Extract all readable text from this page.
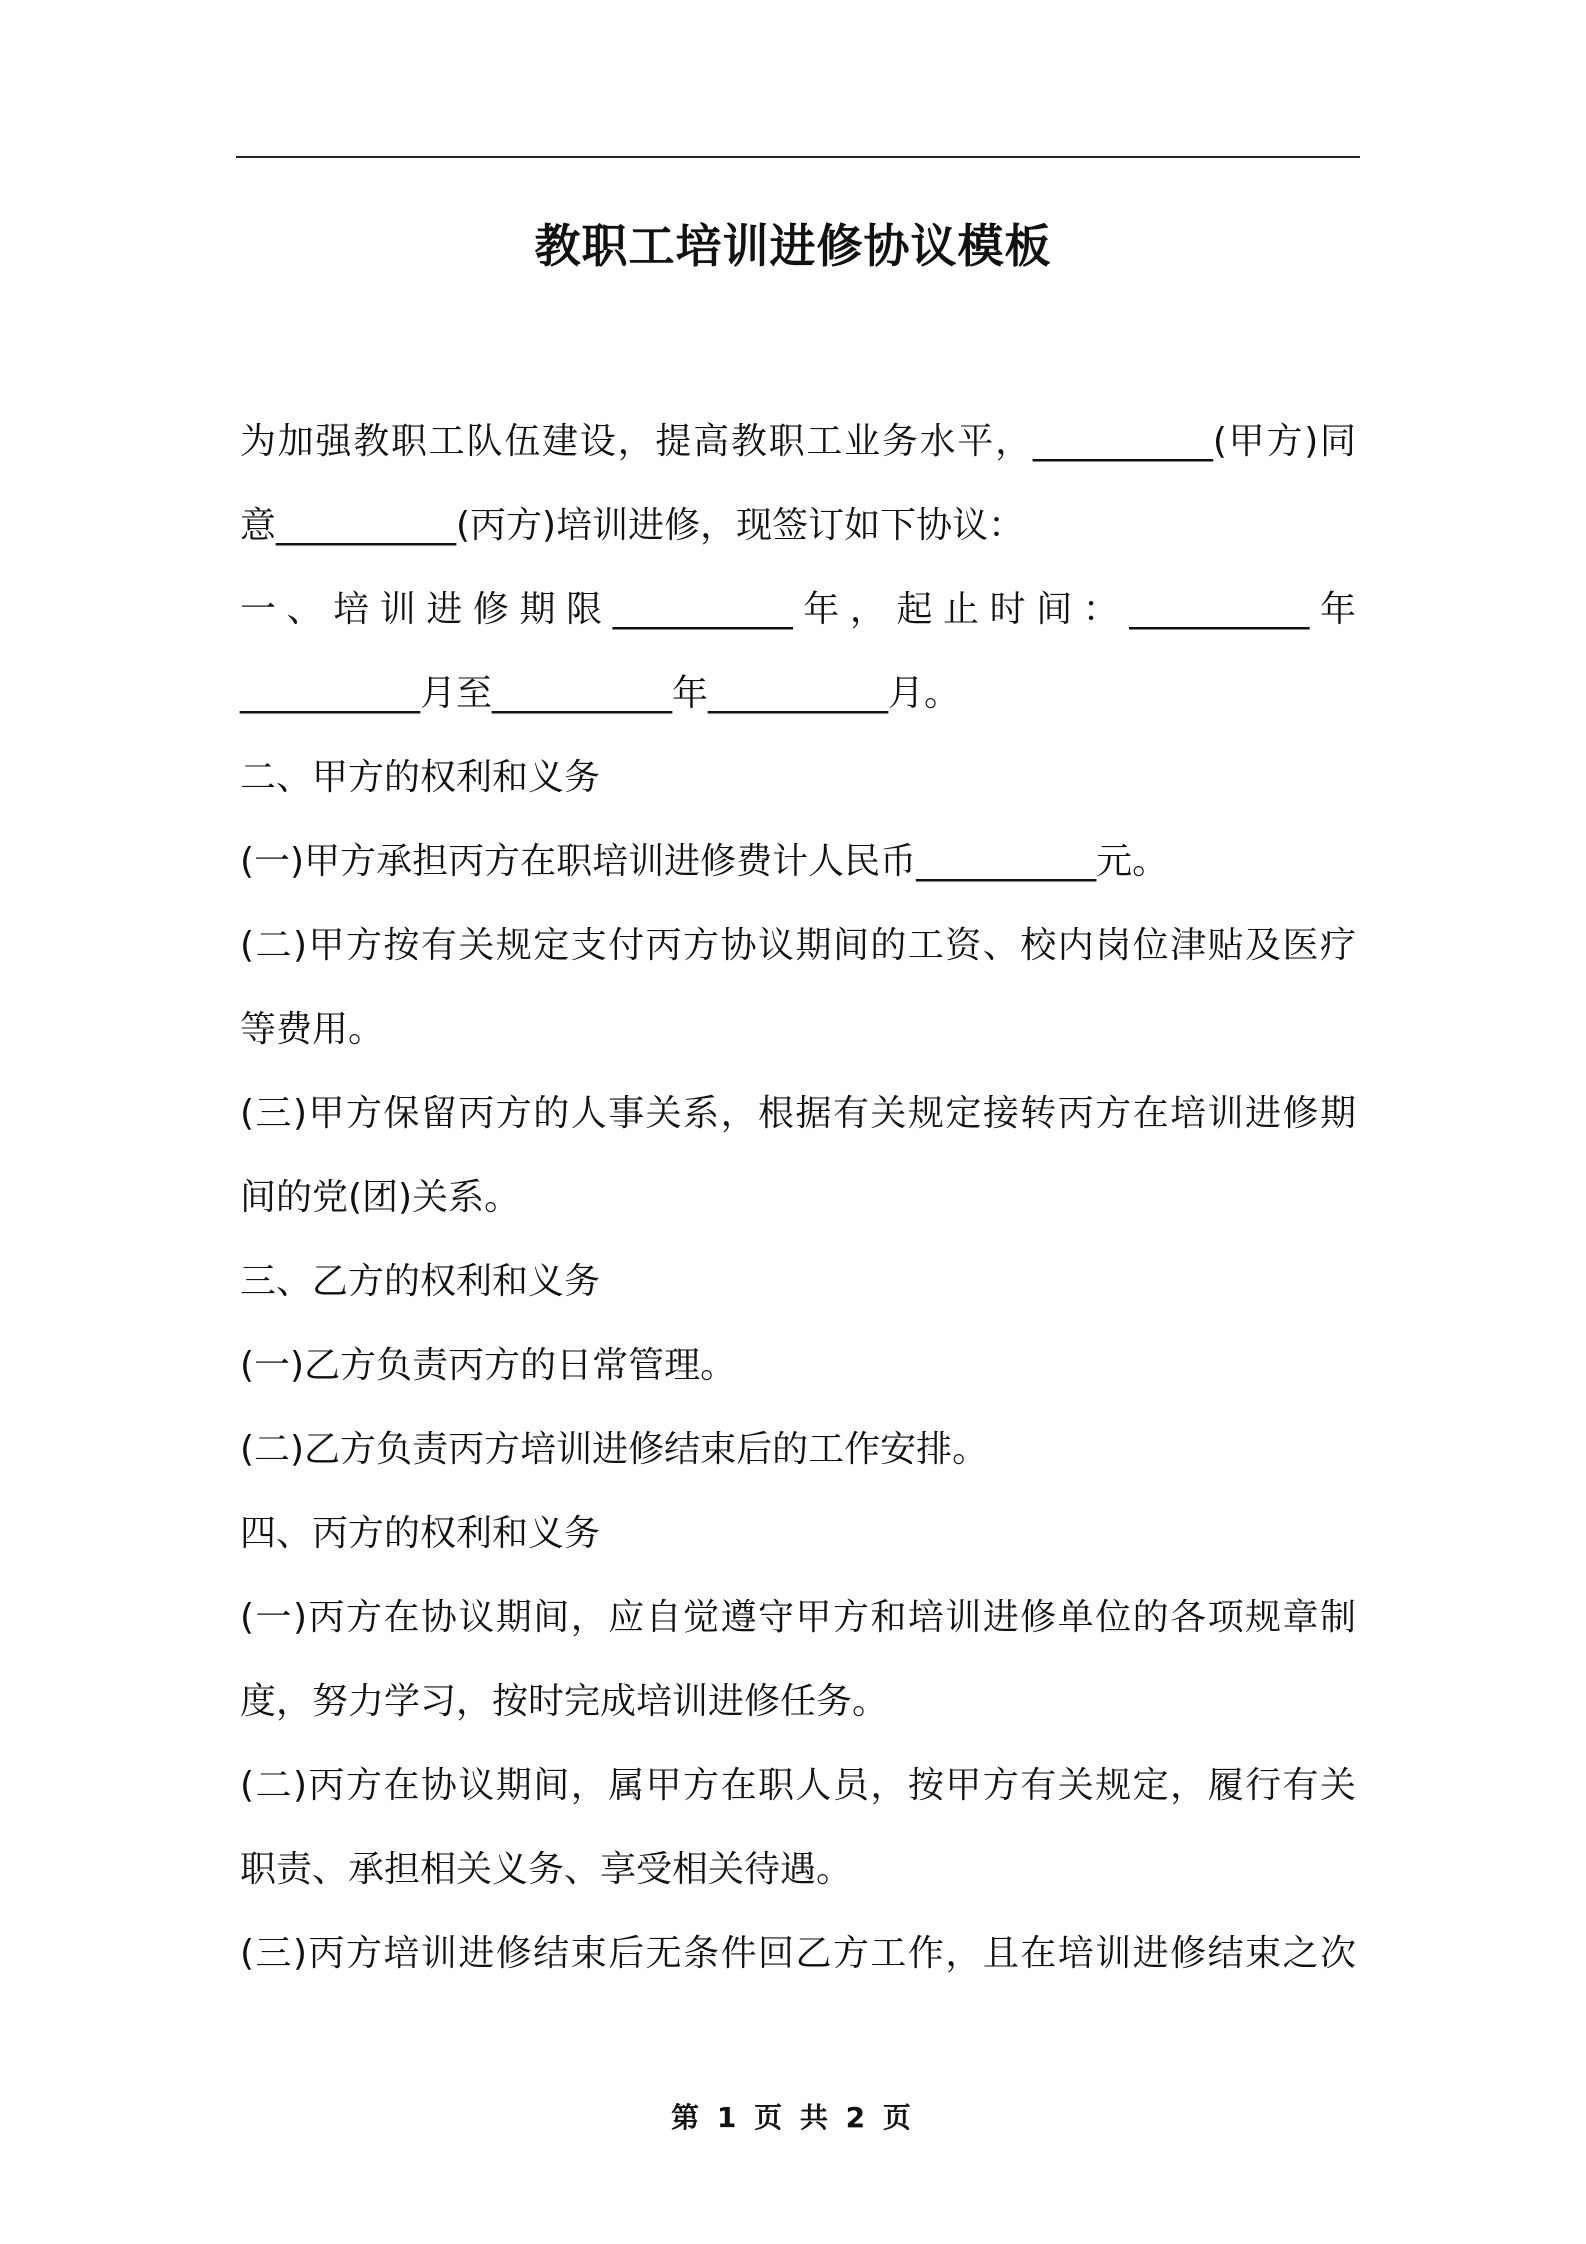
教职工培训进修协议模板
为加强教职工队伍建设，提高教职工业务水平，__________(甲方)同
意__________(丙方)培训进修，现签订如下协议：
一、培训进修期限__________年，起止时间：__________年
__________月至__________年__________月。
二、甲方的权利和义务
(一)甲方承担丙方在职培训进修费计人民币__________元。
(二)甲方按有关规定支付丙方协议期间的工资、校内岗位津贴及医疗
等费用。
(三)甲方保留丙方的人事关系，根据有关规定接转丙方在培训进修期
间的党(团)关系。
三、乙方的权利和义务
(一)乙方负责丙方的日常管理。
(二)乙方负责丙方培训进修结束后的工作安排。
四、丙方的权利和义务
(一)丙方在协议期间，应自觉遵守甲方和培训进修单位的各项规章制
度，努力学习，按时完成培训进修任务。
(二)丙方在协议期间，属甲方在职人员，按甲方有关规定，履行有关
职责、承担相关义务、享受相关待遇。
(三)丙方培训进修结束后无条件回乙方工作，且在培训进修结束之次
第 1 页 共 2 页
